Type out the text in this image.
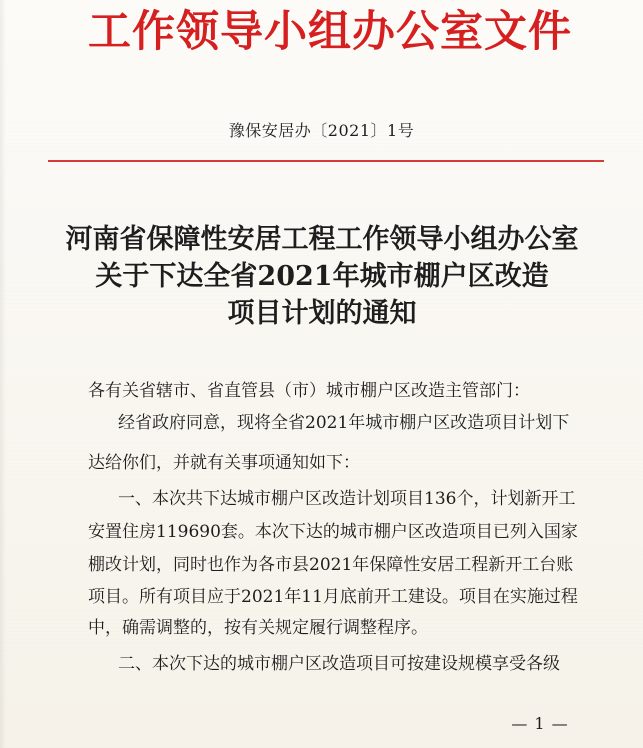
工作领导小组办公室文件
豫保安居办〔2021〕1号
河南省保障性安居工程工作领导小组办公室
关于下达全省2021年城市棚户区改造
项目计划的通知
各有关省辖市、省直管县（市）城市棚户区改造主管部门：
经省政府同意，现将全省2021年城市棚户区改造项目计划下
达给你们，并就有关事项通知如下：
一、本次共下达城市棚户区改造计划项目136个，计划新开工
安置住房119690套。本次下达的城市棚户区改造项目已列入国家
棚改计划，同时也作为各市县2021年保障性安居工程新开工台账
项目。所有项目应于2021年11月底前开工建设。项目在实施过程
中，确需调整的，按有关规定履行调整程序。
二、本次下达的城市棚户区改造项目可按建设规模享受各级
— 1 —
